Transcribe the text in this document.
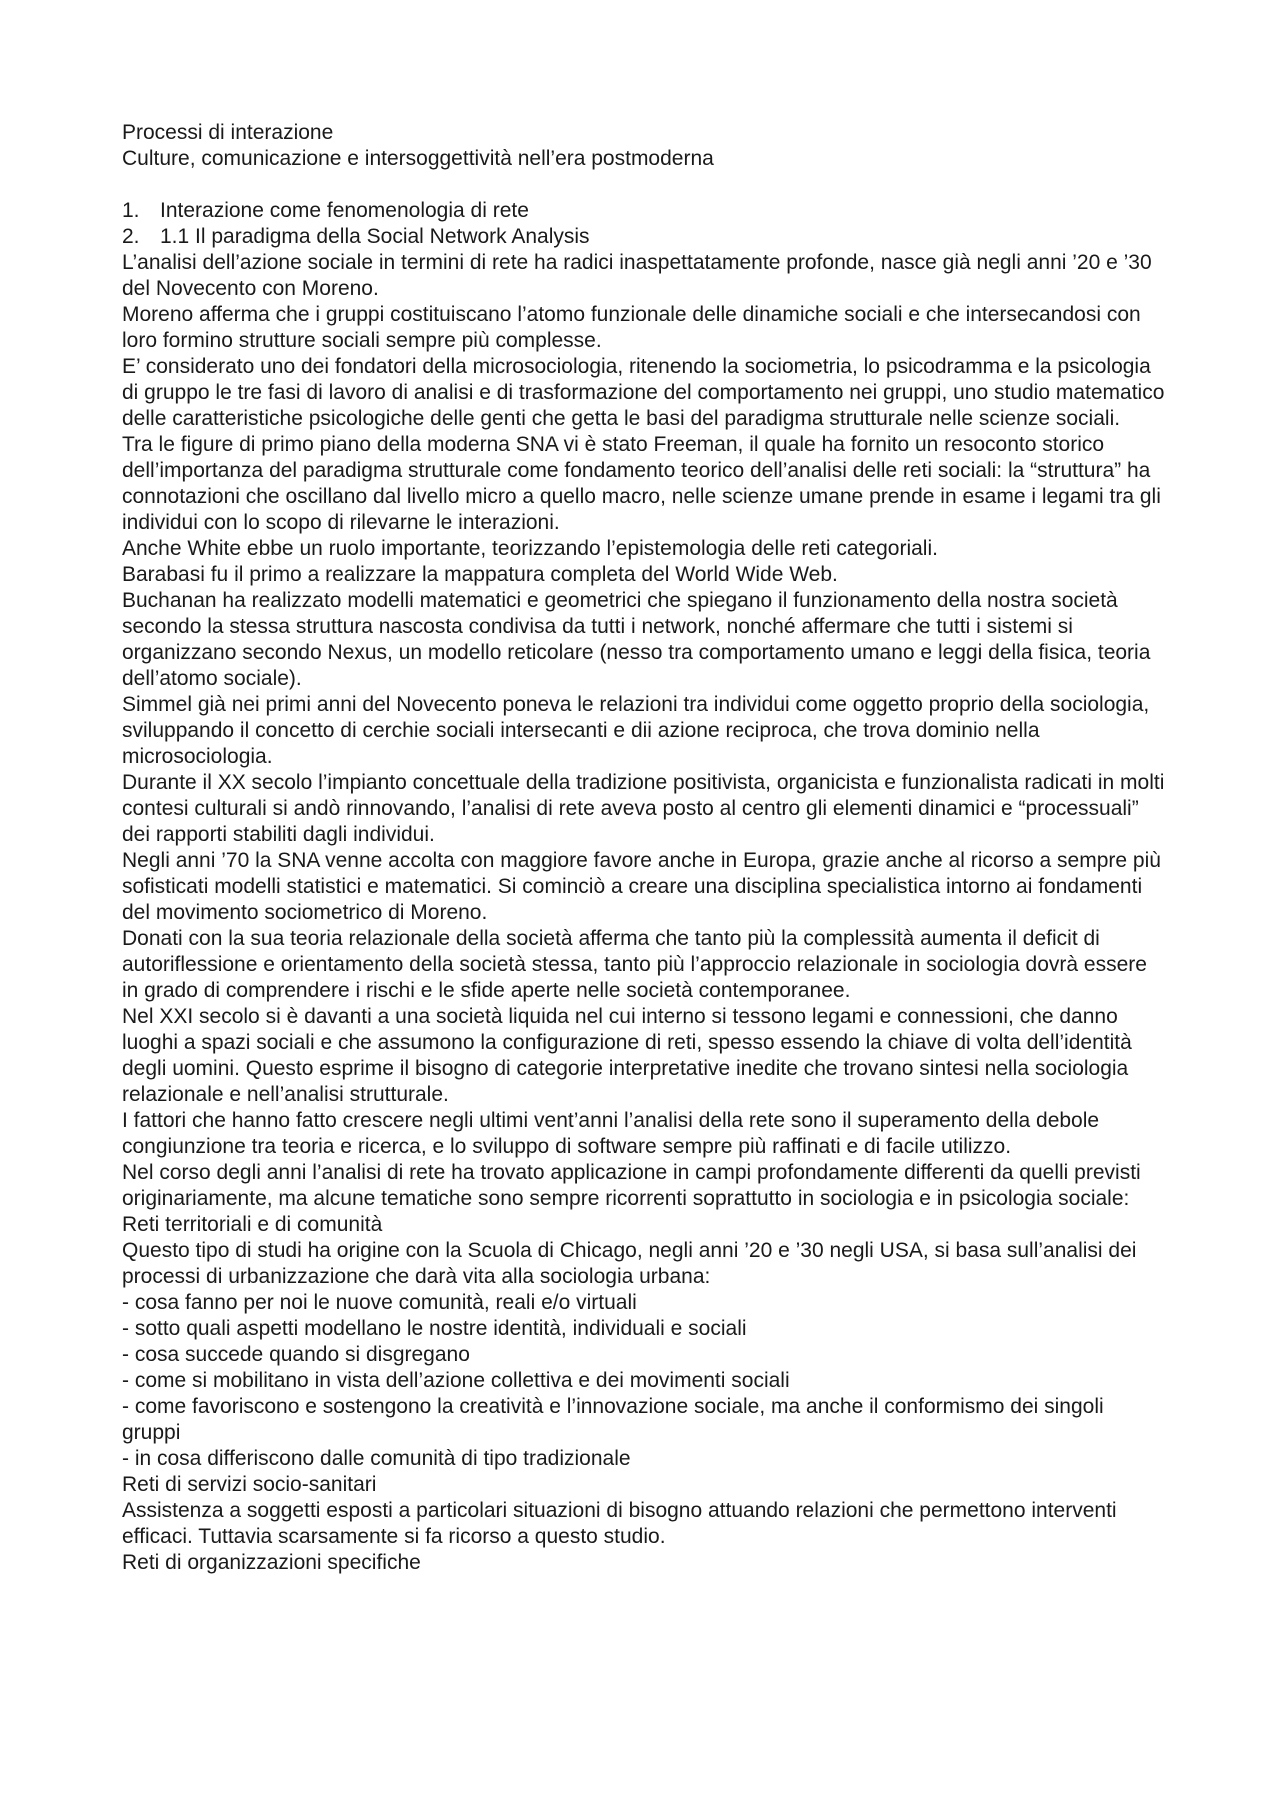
Processi di interazione

Culture, comunicazione e intersoggettività nell’era postmoderna

1. Interazione come fenomenologia di rete
2. 1.1 Il paradigma della Social Network Analysis

L’analisi dell’azione sociale in termini di rete ha radici inaspettatamente profonde, nasce già negli anni ’20 e ’30 del Novecento con Moreno.

Moreno afferma che i gruppi costituiscano l’atomo funzionale delle dinamiche sociali e che intersecandosi con loro formino strutture sociali sempre più complesse.

E’ considerato uno dei fondatori della microsociologia, ritenendo la sociometria, lo psicodramma e la psicologia di gruppo le tre fasi di lavoro di analisi e di trasformazione del comportamento nei gruppi, uno studio matematico delle caratteristiche psicologiche delle genti che getta le basi del paradigma strutturale nelle scienze sociali.

Tra le figure di primo piano della moderna SNA vi è stato Freeman, il quale ha fornito un resoconto storico dell’importanza del paradigma strutturale come fondamento teorico dell’analisi delle reti sociali: la “struttura” ha connotazioni che oscillano dal livello micro a quello macro, nelle scienze umane prende in esame i legami tra gli individui con lo scopo di rilevarne le interazioni.

Anche White ebbe un ruolo importante, teorizzando l’epistemologia delle reti categoriali.

Barabasi fu il primo a realizzare la mappatura completa del World Wide Web.

Buchanan ha realizzato modelli matematici e geometrici che spiegano il funzionamento della nostra società secondo la stessa struttura nascosta condivisa da tutti i network, nonché affermare che tutti i sistemi si organizzano secondo Nexus, un modello reticolare (nesso tra comportamento umano e leggi della fisica, teoria dell’atomo sociale).

Simmel già nei primi anni del Novecento poneva le relazioni tra individui come oggetto proprio della sociologia, sviluppando il concetto di cerchie sociali intersecanti e dii azione reciproca, che trova dominio nella microsociologia.

Durante il XX secolo l’impianto concettuale della tradizione positivista, organicista e funzionalista radicati in molti contesi culturali si andò rinnovando, l’analisi di rete aveva posto al centro gli elementi dinamici e “processuali” dei rapporti stabiliti dagli individui.

Negli anni ’70 la SNA venne accolta con maggiore favore anche in Europa, grazie anche al ricorso a sempre più sofisticati modelli statistici e matematici. Si cominciò a creare una disciplina specialistica intorno ai fondamenti del movimento sociometrico di Moreno.

Donati con la sua teoria relazionale della società afferma che tanto più la complessità aumenta il deficit di autoriflessione e orientamento della società stessa, tanto più l’approccio relazionale in sociologia dovrà essere in grado di comprendere i rischi e le sfide aperte nelle società contemporanee.

Nel XXI secolo si è davanti a una società liquida nel cui interno si tessono legami e connessioni, che danno luoghi a spazi sociali e che assumono la configurazione di reti, spesso essendo la chiave di volta dell’identità degli uomini. Questo esprime il bisogno di categorie interpretative inedite che trovano sintesi nella sociologia relazionale e nell’analisi strutturale.

I fattori che hanno fatto crescere negli ultimi vent’anni l’analisi della rete sono il superamento della debole congiunzione tra teoria e ricerca, e lo sviluppo di software sempre più raffinati e di facile utilizzo.

Nel corso degli anni l’analisi di rete ha trovato applicazione in campi profondamente differenti da quelli previsti originariamente, ma alcune tematiche sono sempre ricorrenti soprattutto in sociologia e in psicologia sociale:

Reti territoriali e di comunità

Questo tipo di studi ha origine con la Scuola di Chicago, negli anni ’20 e ’30 negli USA, si basa sull’analisi dei processi di urbanizzazione che darà vita alla sociologia urbana:

- cosa fanno per noi le nuove comunità, reali e/o virtuali

- sotto quali aspetti modellano le nostre identità, individuali e sociali

- cosa succede quando si disgregano

- come si mobilitano in vista dell’azione collettiva e dei movimenti sociali

- come favoriscono e sostengono la creatività e l’innovazione sociale, ma anche il conformismo dei singoli gruppi

- in cosa differiscono dalle comunità di tipo tradizionale

Reti di servizi socio-sanitari

Assistenza a soggetti esposti a particolari situazioni di bisogno attuando relazioni che permettono interventi efficaci. Tuttavia scarsamente si fa ricorso a questo studio.

Reti di organizzazioni specifiche
